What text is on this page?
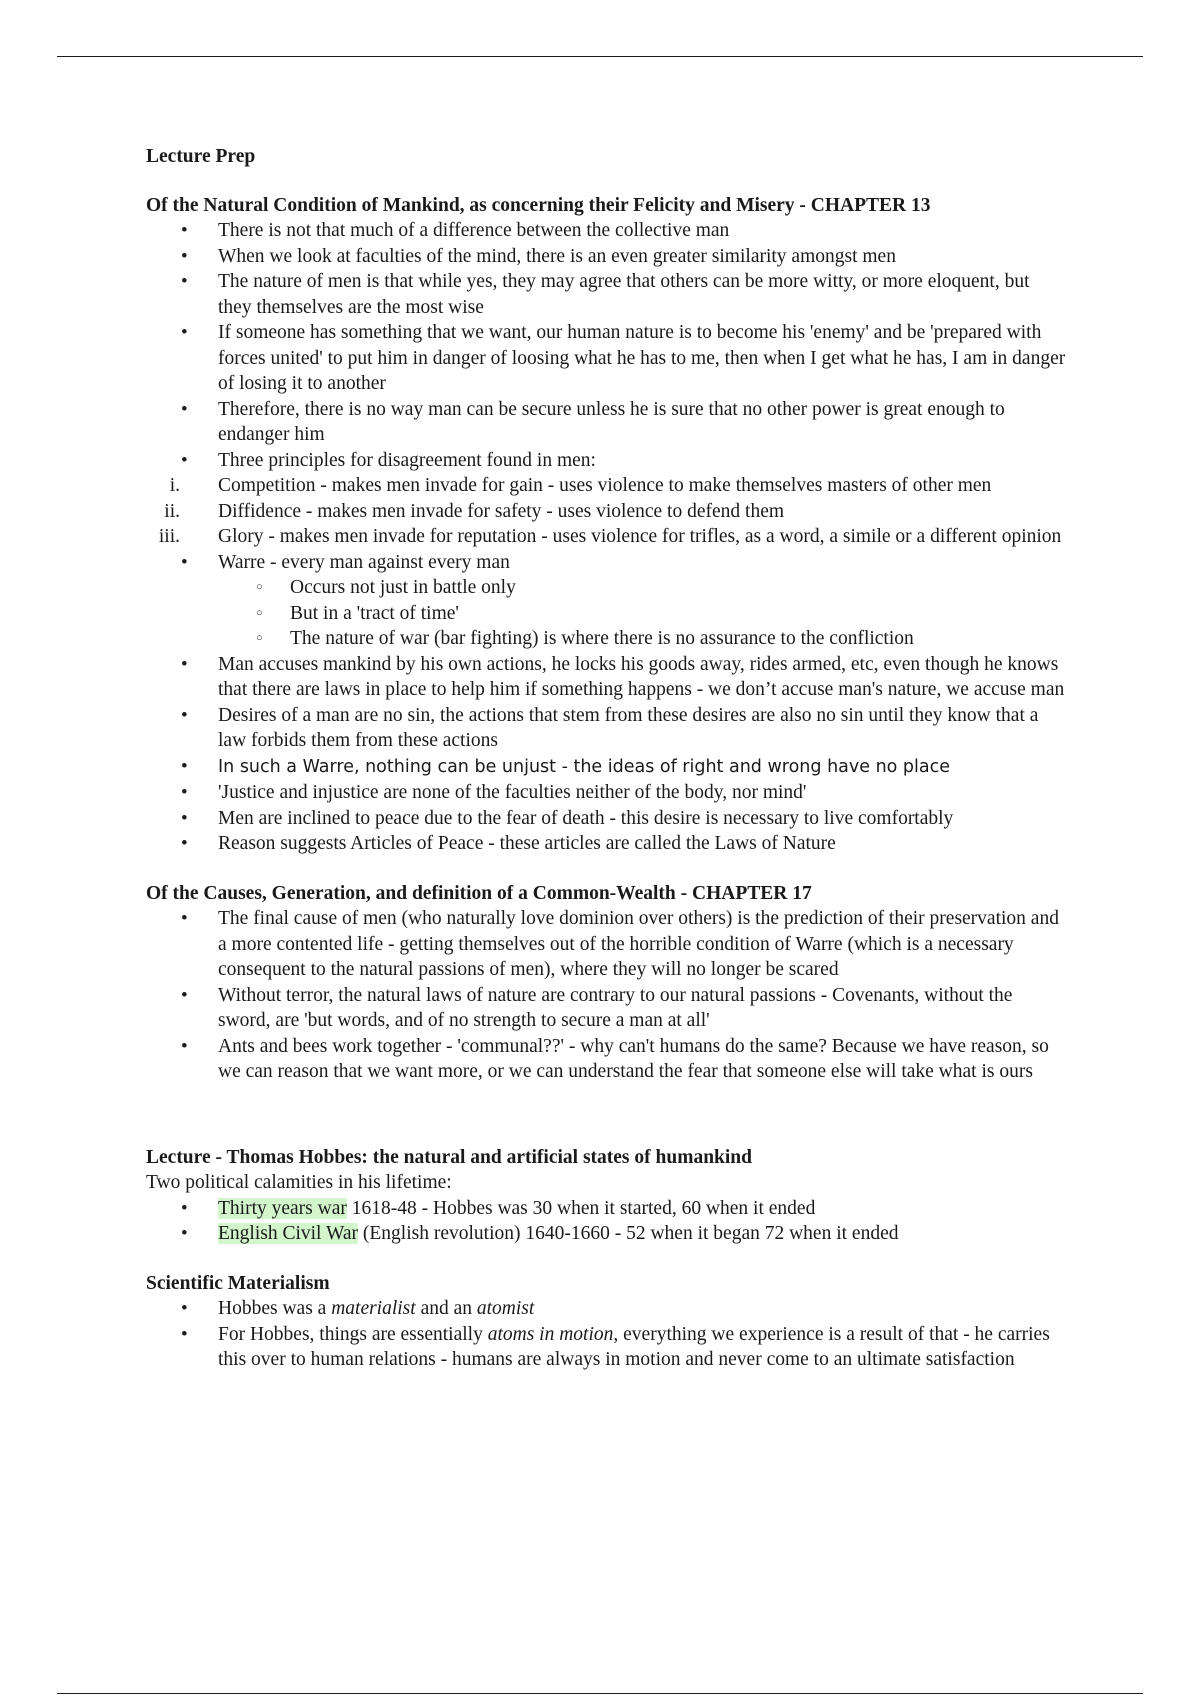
Lecture Prep

Of the Natural Condition of Mankind, as concerning their Felicity and Misery - CHAPTER 13

• There is not that much of a difference between the collective man
• When we look at faculties of the mind, there is an even greater similarity amongst men
• The nature of men is that while yes, they may agree that others can be more witty, or more eloquent, but they themselves are the most wise
• If someone has something that we want, our human nature is to become his 'enemy' and be 'prepared with forces united' to put him in danger of loosing what he has to me, then when I get what he has, I am in danger of losing it to another
• Therefore, there is no way man can be secure unless he is sure that no other power is great enough to endanger him
• Three principles for disagreement found in men:
i. Competition - makes men invade for gain - uses violence to make themselves masters of other men
ii. Diffidence - makes men invade for safety - uses violence to defend them
iii. Glory - makes men invade for reputation - uses violence for trifles, as a word, a simile or a different opinion
• Warre - every man against every man
○ Occurs not just in battle only
○ But in a 'tract of time'
○ The nature of war (bar fighting) is where there is no assurance to the confliction
• Man accuses mankind by his own actions, he locks his goods away, rides armed, etc, even though he knows that there are laws in place to help him if something happens - we don’t accuse man's nature, we accuse man
• Desires of a man are no sin, the actions that stem from these desires are also no sin until they know that a law forbids them from these actions
• In such a Warre, nothing can be unjust - the ideas of right and wrong have no place
• 'Justice and injustice are none of the faculties neither of the body, nor mind'
• Men are inclined to peace due to the fear of death - this desire is necessary to live comfortably
• Reason suggests Articles of Peace - these articles are called the Laws of Nature

Of the Causes, Generation, and definition of a Common-Wealth - CHAPTER 17

• The final cause of men (who naturally love dominion over others) is the prediction of their preservation and a more contented life - getting themselves out of the horrible condition of Warre (which is a necessary consequent to the natural passions of men), where they will no longer be scared
• Without terror, the natural laws of nature are contrary to our natural passions - Covenants, without the sword, are 'but words, and of no strength to secure a man at all'
• Ants and bees work together - 'communal??' - why can't humans do the same? Because we have reason, so we can reason that we want more, or we can understand the fear that someone else will take what is ours

Lecture - Thomas Hobbes: the natural and artificial states of humankind

Two political calamities in his lifetime:

• Thirty years war 1618-48 - Hobbes was 30 when it started, 60 when it ended
• English Civil War (English revolution) 1640-1660 - 52 when it began 72 when it ended

Scientific Materialism

• Hobbes was a materialist and an atomist
• For Hobbes, things are essentially atoms in motion, everything we experience is a result of that - he carries this over to human relations - humans are always in motion and never come to an ultimate satisfaction
